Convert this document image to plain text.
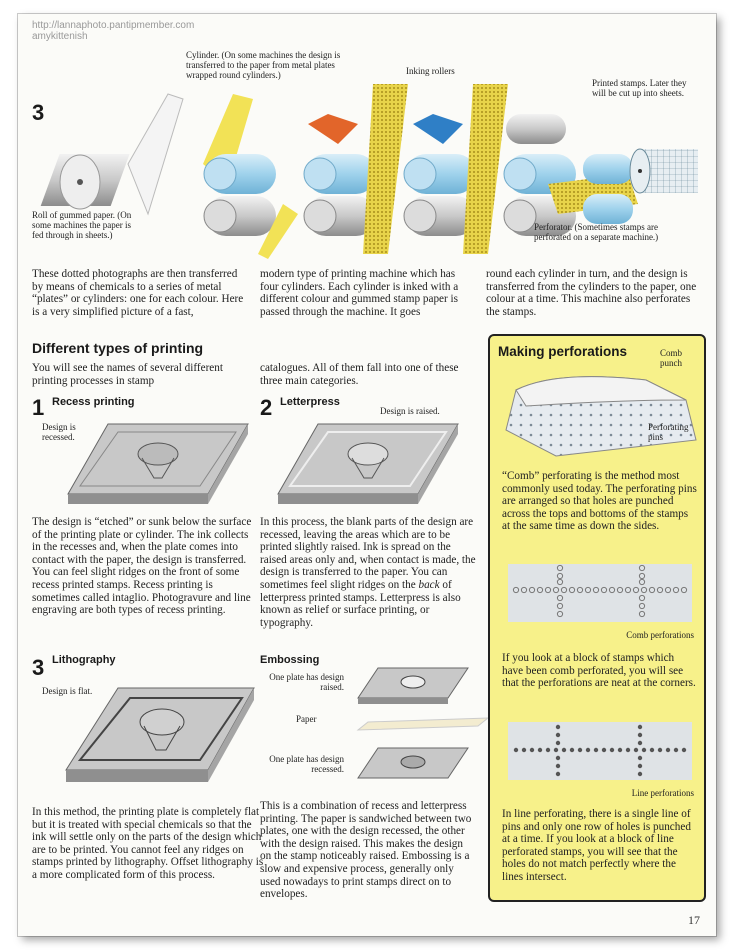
http://lannaphoto.pantipmember.com
amykittenish
3
Cylinder. (On some machines the design is transferred to the paper from metal plates wrapped round cylinders.)	Inking rollers
Printed stamps. Later they will be cut up into sheets.
Roll of gummed paper. (On some machines the paper is fed through in sheets.)
Perforator. (Sometimes stamps are perforated on a separate machine.)
These dotted photographs are then transferred by means of chemicals to a series of metal “plates” or cylinders: one for each colour. Here is a very simplified picture of a fast,
modern type of printing machine which has four cylinders. Each cylinder is inked with a different colour and gummed stamp paper is passed through the machine. It goes
round each cylinder in turn, and the design is transferred from the cylinders to the paper, one colour at a time. This machine also perforates the stamps.
Different types of printing
You will see the names of several different printing processes in stamp
catalogues. All of them fall into one of these three main categories.
1 Recess printing
Design is recessed.
The design is “etched” or sunk below the surface of the printing plate or cylinder. The ink collects in the recesses and, when the plate comes into contact with the paper, the design is transferred. You can feel slight ridges on the front of some recess printed stamps. Recess printing is sometimes called intaglio. Photogravure and line engraving are both types of recess printing.
2 Letterpress
Design is raised.
In this process, the blank parts of the design are recessed, leaving the areas which are to be printed slightly raised. Ink is spread on the raised areas only and, when contact is made, the design is transferred to the paper. You can sometimes feel slight ridges on the back of letterpress printed stamps. Letterpress is also known as relief or surface printing, or typography.
3 Lithography
Design is flat.
In this method, the printing plate is completely flat but it is treated with special chemicals so that the ink will settle only on the parts of the design which are to be printed. You cannot feel any ridges on stamps printed by lithography. Offset lithography is a more complicated form of this process.
Embossing
One plate has design raised.
Paper
One plate has design recessed.
This is a combination of recess and letterpress printing. The paper is sandwiched between two plates, one with the design recessed, the other with the design raised. This makes the design on the stamp noticeably raised. Embossing is a slow and expensive process, generally only used nowadays to print stamps direct on to envelopes.
Making perforations	Comb punch
Perforating pins
“Comb” perforating is the method most commonly used today. The perforating pins are arranged so that holes are punched across the tops and bottoms of the stamps at the same time as down the sides.
Comb perforations
If you look at a block of stamps which have been comb perforated, you will see that the perforations are neat at the corners.
Line perforations
In line perforating, there is a single line of pins and only one row of holes is punched at a time. If you look at a block of line perforated stamps, you will see that the holes do not match perfectly where the lines intersect.
17
